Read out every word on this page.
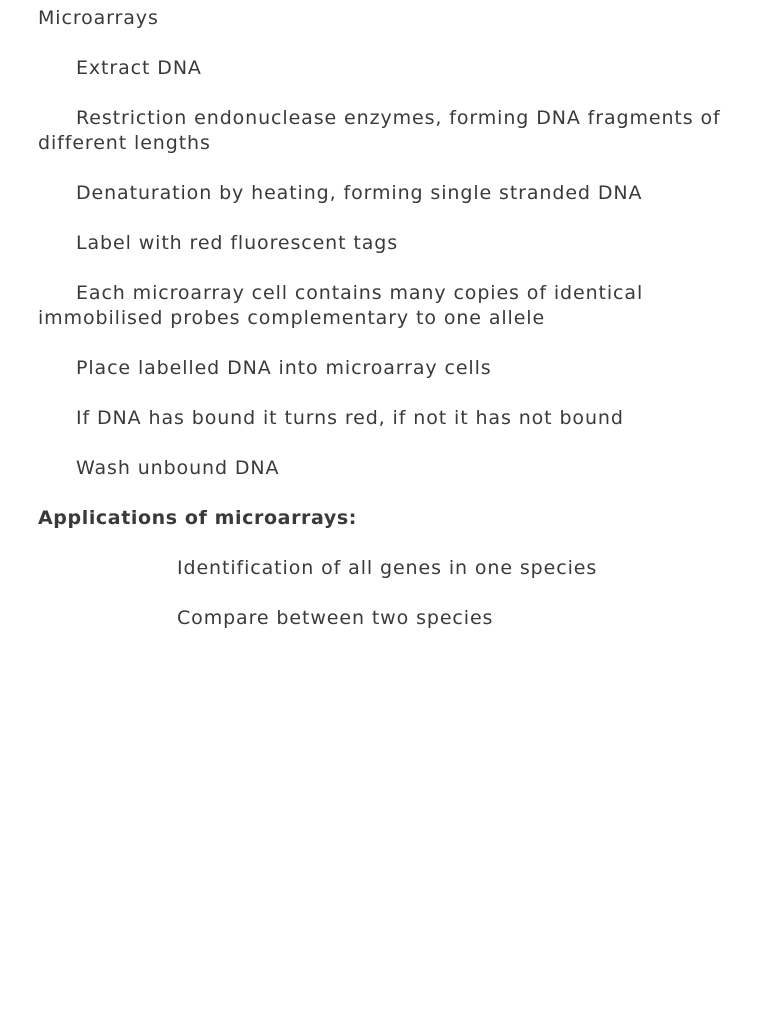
Microarrays
Extract DNA
Restriction endonuclease enzymes, forming DNA fragments of different lengths
Denaturation by heating, forming single stranded DNA
Label with red fluorescent tags
Each microarray cell contains many copies of identical immobilised probes complementary to one allele
Place labelled DNA into microarray cells
If DNA has bound it turns red, if not it has not bound
Wash unbound DNA
Applications of microarrays:
Identification of all genes in one species
Compare between two species
